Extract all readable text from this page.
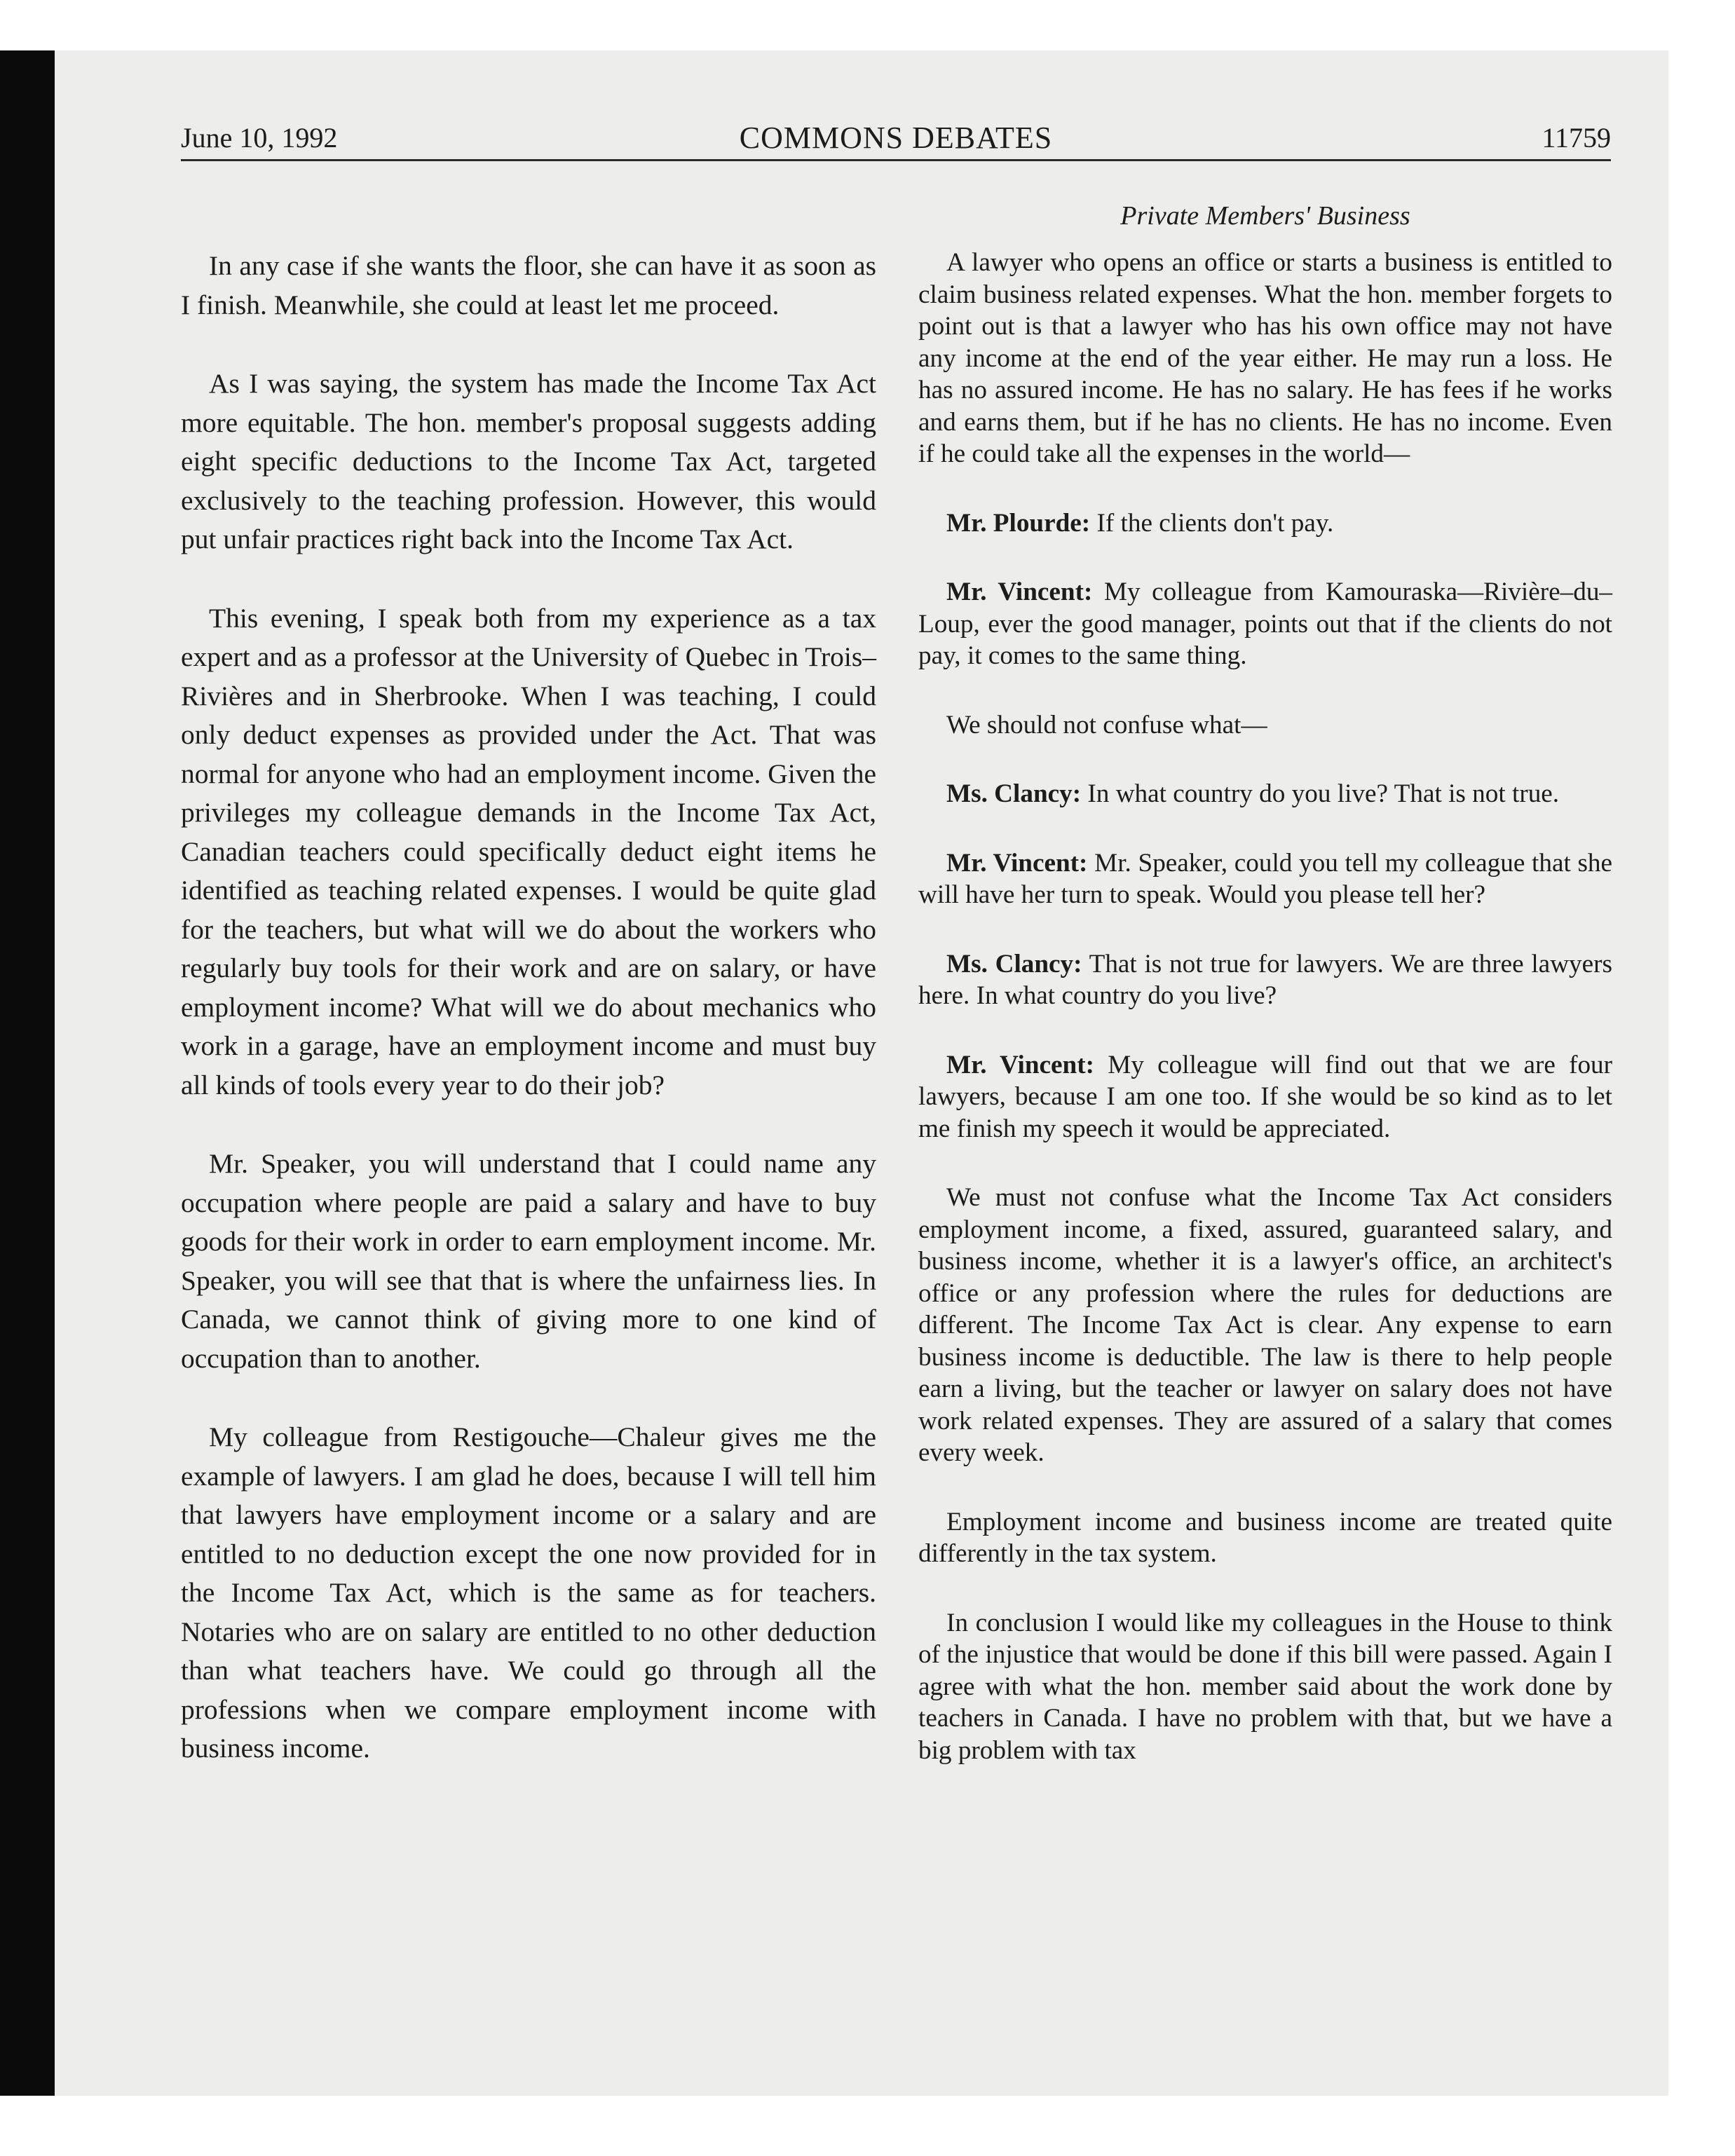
June 10, 1992	COMMONS DEBATES	11759
Private Members' Business

In any case if she wants the floor, she can have it as soon as I finish. Meanwhile, she could at least let me proceed.

As I was saying, the system has made the Income Tax Act more equitable. The hon. member's proposal suggests adding eight specific deductions to the Income Tax Act, targeted exclusively to the teaching profession. However, this would put unfair practices right back into the Income Tax Act.

This evening, I speak both from my experience as a tax expert and as a professor at the University of Quebec in Trois–Rivières and in Sherbrooke. When I was teaching, I could only deduct expenses as provided under the Act. That was normal for anyone who had an employment income. Given the privileges my colleague demands in the Income Tax Act, Canadian teachers could specifically deduct eight items he identified as teaching related expenses. I would be quite glad for the teachers, but what will we do about the workers who regularly buy tools for their work and are on salary, or have employment income? What will we do about mechanics who work in a garage, have an employment income and must buy all kinds of tools every year to do their job?

Mr. Speaker, you will understand that I could name any occupation where people are paid a salary and have to buy goods for their work in order to earn employment income. Mr. Speaker, you will see that that is where the unfairness lies. In Canada, we cannot think of giving more to one kind of occupation than to another.

My colleague from Restigouche—Chaleur gives me the example of lawyers. I am glad he does, because I will tell him that lawyers have employment income or a salary and are entitled to no deduction except the one now provided for in the Income Tax Act, which is the same as for teachers. Notaries who are on salary are entitled to no other deduction than what teachers have. We could go through all the professions when we compare employment income with business income.

A lawyer who opens an office or starts a business is entitled to claim business related expenses. What the hon. member forgets to point out is that a lawyer who has his own office may not have any income at the end of the year either. He may run a loss. He has no assured income. He has no salary. He has fees if he works and earns them, but if he has no clients. He has no income. Even if he could take all the expenses in the world—

Mr. Plourde: If the clients don't pay.

Mr. Vincent: My colleague from Kamouraska—Rivière–du–Loup, ever the good manager, points out that if the clients do not pay, it comes to the same thing.

We should not confuse what—

Ms. Clancy: In what country do you live? That is not true.

Mr. Vincent: Mr. Speaker, could you tell my colleague that she will have her turn to speak. Would you please tell her?

Ms. Clancy: That is not true for lawyers. We are three lawyers here. In what country do you live?

Mr. Vincent: My colleague will find out that we are four lawyers, because I am one too. If she would be so kind as to let me finish my speech it would be appreciated.

We must not confuse what the Income Tax Act considers employment income, a fixed, assured, guaranteed salary, and business income, whether it is a lawyer's office, an architect's office or any profession where the rules for deductions are different. The Income Tax Act is clear. Any expense to earn business income is deductible. The law is there to help people earn a living, but the teacher or lawyer on salary does not have work related expenses. They are assured of a salary that comes every week.

Employment income and business income are treated quite differently in the tax system.

In conclusion I would like my colleagues in the House to think of the injustice that would be done if this bill were passed. Again I agree with what the hon. member said about the work done by teachers in Canada. I have no problem with that, but we have a big problem with tax
